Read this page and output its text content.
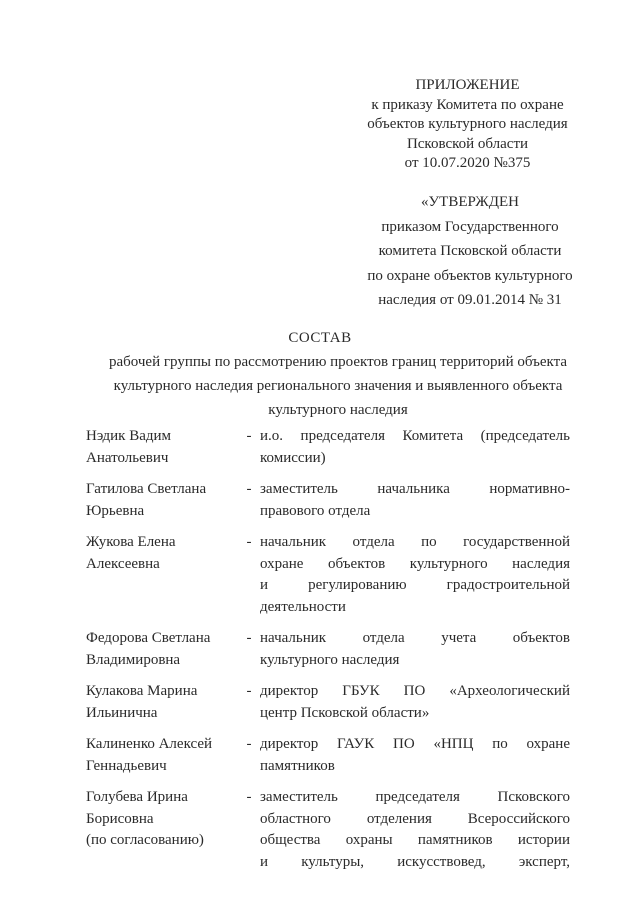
ПРИЛОЖЕНИЕ
к приказу Комитета по охране
объектов культурного наследия
Псковской области
от 10.07.2020 №375
«УТВЕРЖДЕН
приказом Государственного
комитета Псковской области
по охране объектов культурного
наследия от 09.01.2014 № 31
СОСТАВ
рабочей группы по рассмотрению проектов границ территорий объекта
культурного наследия регионального значения и выявленного объекта
культурного наследия
Нэдик Вадим
Анатольевич
- и.о. председателя Комитета (председатель
комиссии)
Гатилова Светлана
Юрьевна
- заместитель начальника нормативно-
правового отдела
Жукова Елена
Алексеевна
- начальник отдела по государственной
охране объектов культурного наследия
и регулированию градостроительной
деятельности
Федорова Светлана
Владимировна
- начальник отдела учета объектов
культурного наследия
Кулакова Марина
Ильинична
- директор ГБУК ПО «Археологический
центр Псковской области»
Калиненко Алексей
Геннадьевич
- директор ГАУК ПО «НПЦ по охране
памятников
Голубева Ирина
Борисовна
(по согласованию)
- заместитель председателя Псковского
областного отделения Всероссийского
общества охраны памятников истории
и культуры, искусствовед, эксперт,
